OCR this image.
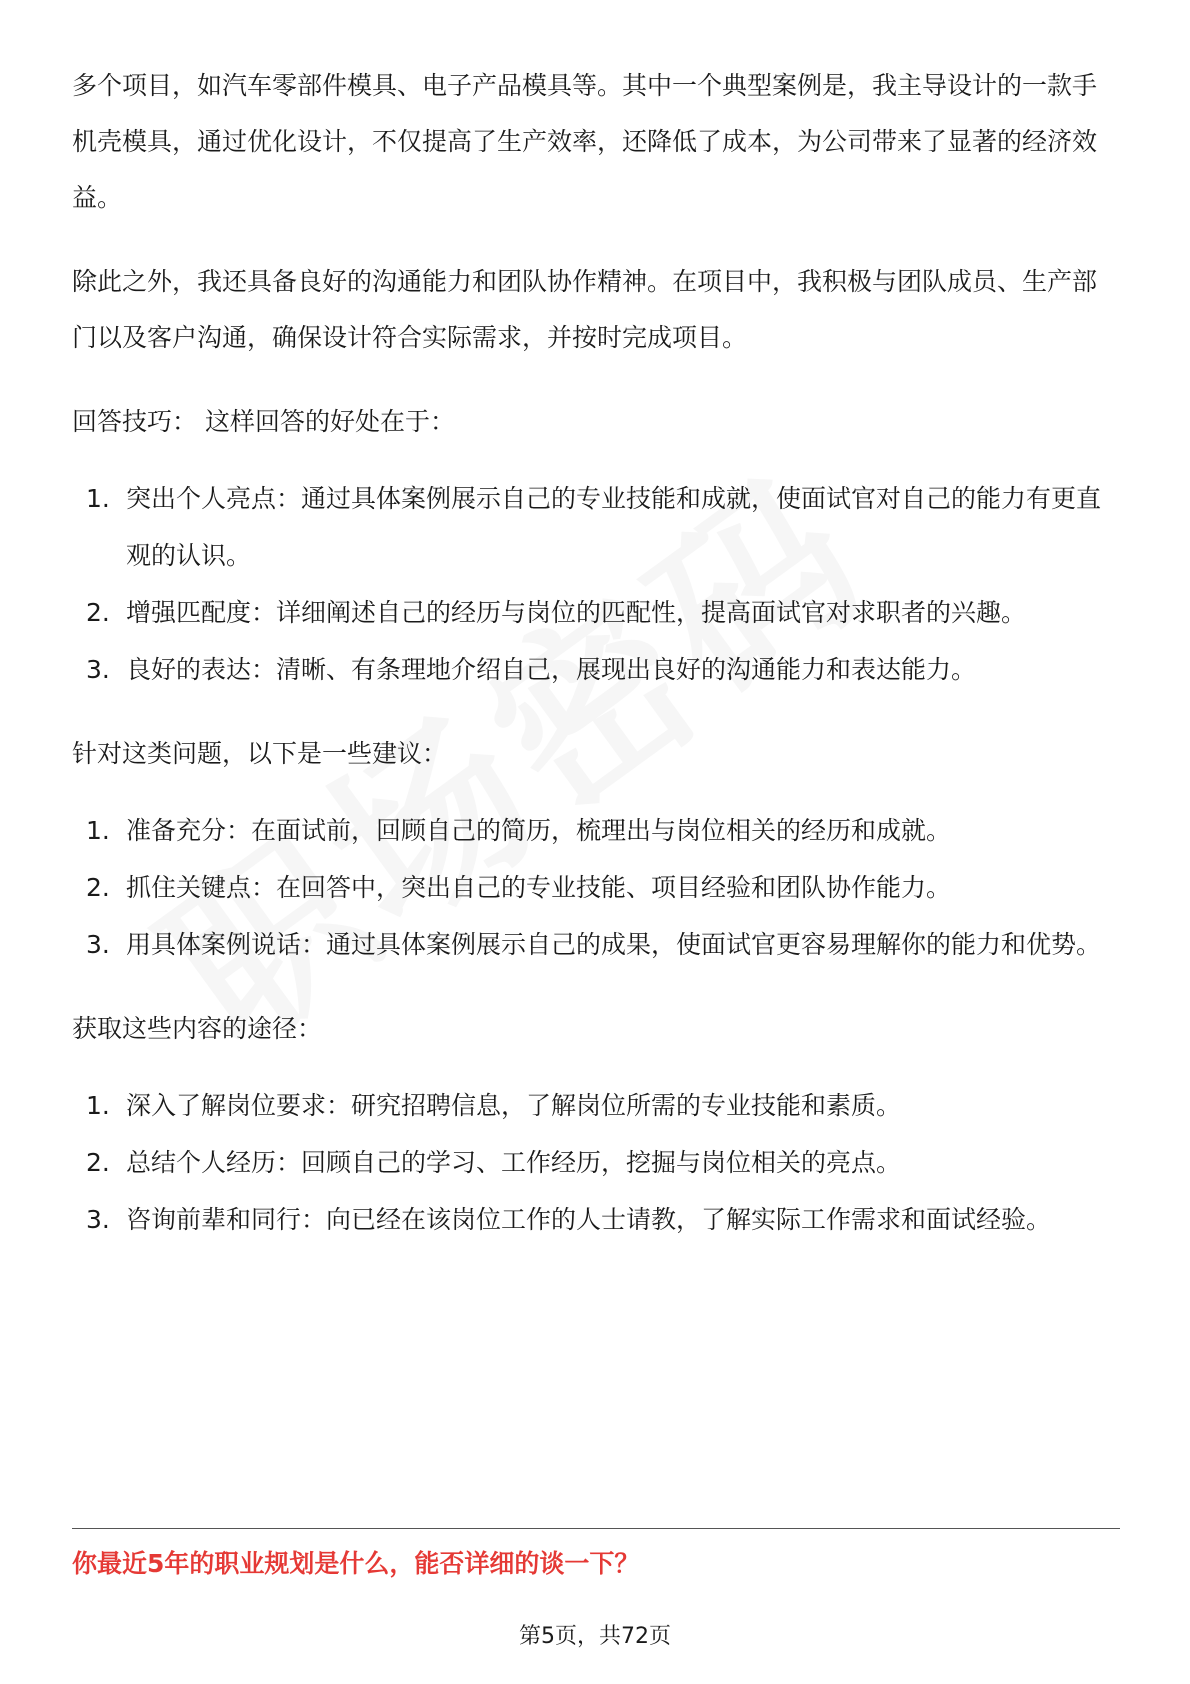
多个项目，如汽车零部件模具、电子产品模具等。其中一个典型案例是，我主导设计的一款手机壳模具，通过优化设计，不仅提高了生产效率，还降低了成本，为公司带来了显著的经济效益。

除此之外，我还具备良好的沟通能力和团队协作精神。在项目中，我积极与团队成员、生产部门以及客户沟通，确保设计符合实际需求，并按时完成项目。

回答技巧： 这样回答的好处在于：

1. 突出个人亮点：通过具体案例展示自己的专业技能和成就，使面试官对自己的能力有更直观的认识。
2. 增强匹配度：详细阐述自己的经历与岗位的匹配性，提高面试官对求职者的兴趣。
3. 良好的表达：清晰、有条理地介绍自己，展现出良好的沟通能力和表达能力。

针对这类问题，以下是一些建议：

1. 准备充分：在面试前，回顾自己的简历，梳理出与岗位相关的经历和成就。
2. 抓住关键点：在回答中，突出自己的专业技能、项目经验和团队协作能力。
3. 用具体案例说话：通过具体案例展示自己的成果，使面试官更容易理解你的能力和优势。

获取这些内容的途径：

1. 深入了解岗位要求：研究招聘信息，了解岗位所需的专业技能和素质。
2. 总结个人经历：回顾自己的学习、工作经历，挖掘与岗位相关的亮点。
3. 咨询前辈和同行：向已经在该岗位工作的人士请教，了解实际工作需求和面试经验。
你最近5年的职业规划是什么，能否详细的谈一下？
第5页，共72页
